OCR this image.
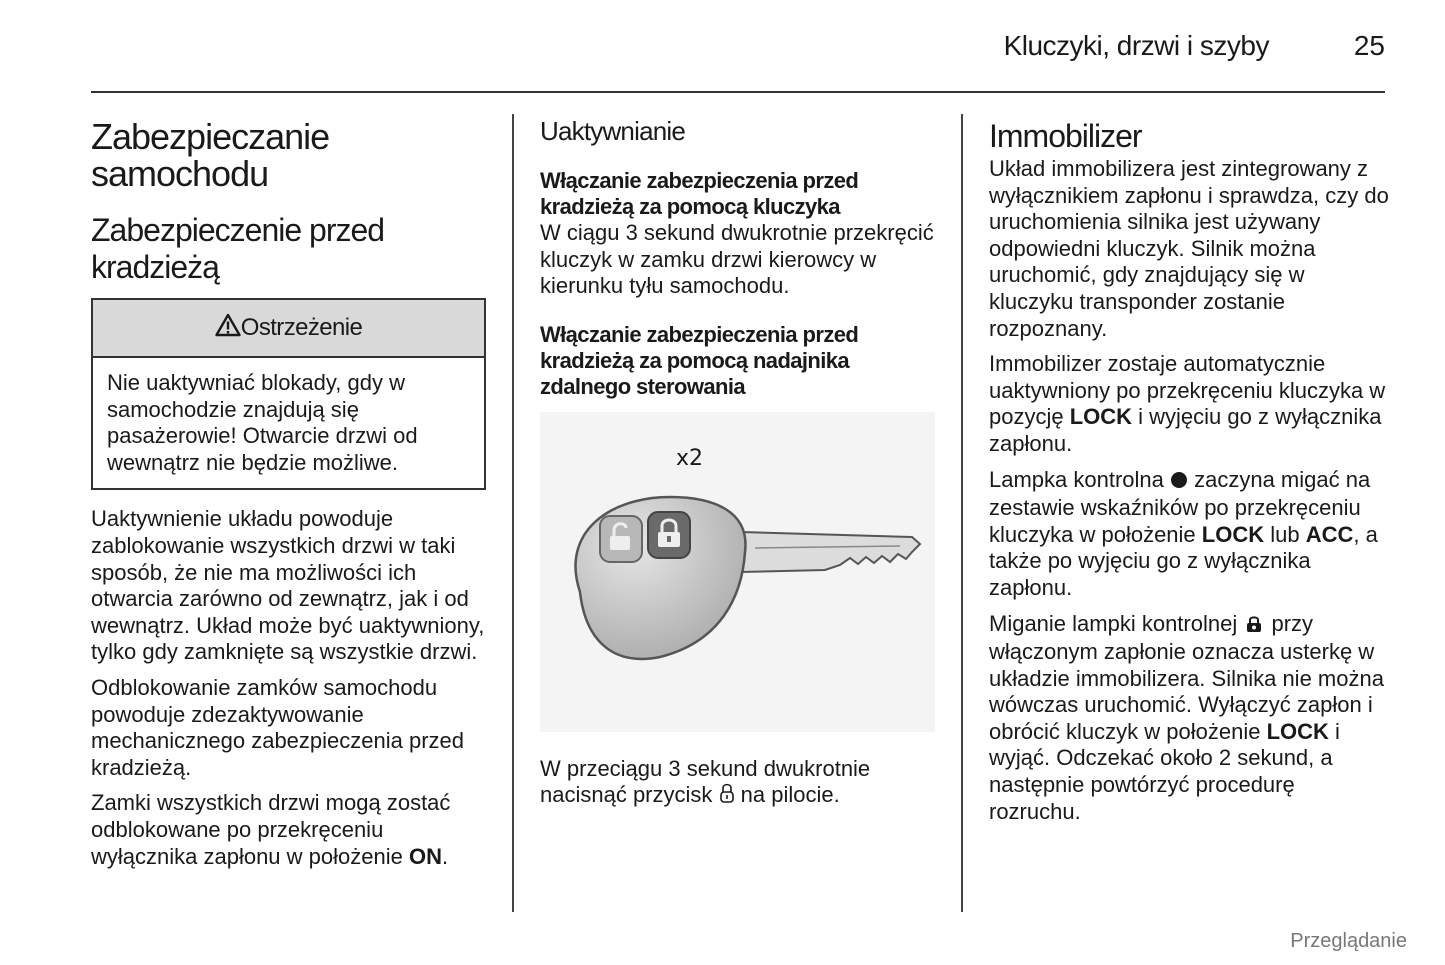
Kluczyki, drzwi i szyby	25
Zabezpieczanie samochodu
Zabezpieczenie przed kradzieżą
Ostrzeżenie

Nie uaktywniać blokady, gdy w samochodzie znajdują się pasażerowie! Otwarcie drzwi od wewnątrz nie będzie możliwe.

Uaktywnienie układu powoduje zablokowanie wszystkich drzwi w taki sposób, że nie ma możliwości ich otwarcia zarówno od zewnątrz, jak i od wewnątrz. Układ może być uaktywniony, tylko gdy zamknięte są wszystkie drzwi.

Odblokowanie zamków samochodu powoduje zdezaktywowanie mechanicznego zabezpieczenia przed kradzieżą.

Zamki wszystkich drzwi mogą zostać odblokowane po przekręceniu wyłącznika zapłonu w położenie ON.

Uaktywnianie
Włączanie zabezpieczenia przed kradzieżą za pomocą kluczyka

W ciągu 3 sekund dwukrotnie przekręcić kluczyk w zamku drzwi kierowcy w kierunku tyłu samochodu.

Włączanie zabezpieczenia przed kradzieżą za pomocą nadajnika zdalnego sterowania
x2

W przeciągu 3 sekund dwukrotnie nacisnąć przycisk  na pilocie.

Immobilizer

Układ immobilizera jest zintegrowany z wyłącznikiem zapłonu i sprawdza, czy do uruchomienia silnika jest używany odpowiedni kluczyk. Silnik można uruchomić, gdy znajdujący się w kluczyku transponder zostanie rozpoznany.

Immobilizer zostaje automatycznie uaktywniony po przekręceniu kluczyka w pozycję LOCK i wyjęciu go z wyłącznika zapłonu.

Lampka kontrolna  zaczyna migać na zestawie wskaźników po przekręceniu kluczyka w położenie LOCK lub ACC, a także po wyjęciu go z wyłącznika zapłonu.

Miganie lampki kontrolnej  przy włączonym zapłonie oznacza usterkę w układzie immobilizera. Silnika nie można wówczas uruchomić. Wyłączyć zapłon i obrócić kluczyk w położenie LOCK i wyjąć. Odczekać około 2 sekund, a następnie powtórzyć procedurę rozruchu.

Przeglądanie
